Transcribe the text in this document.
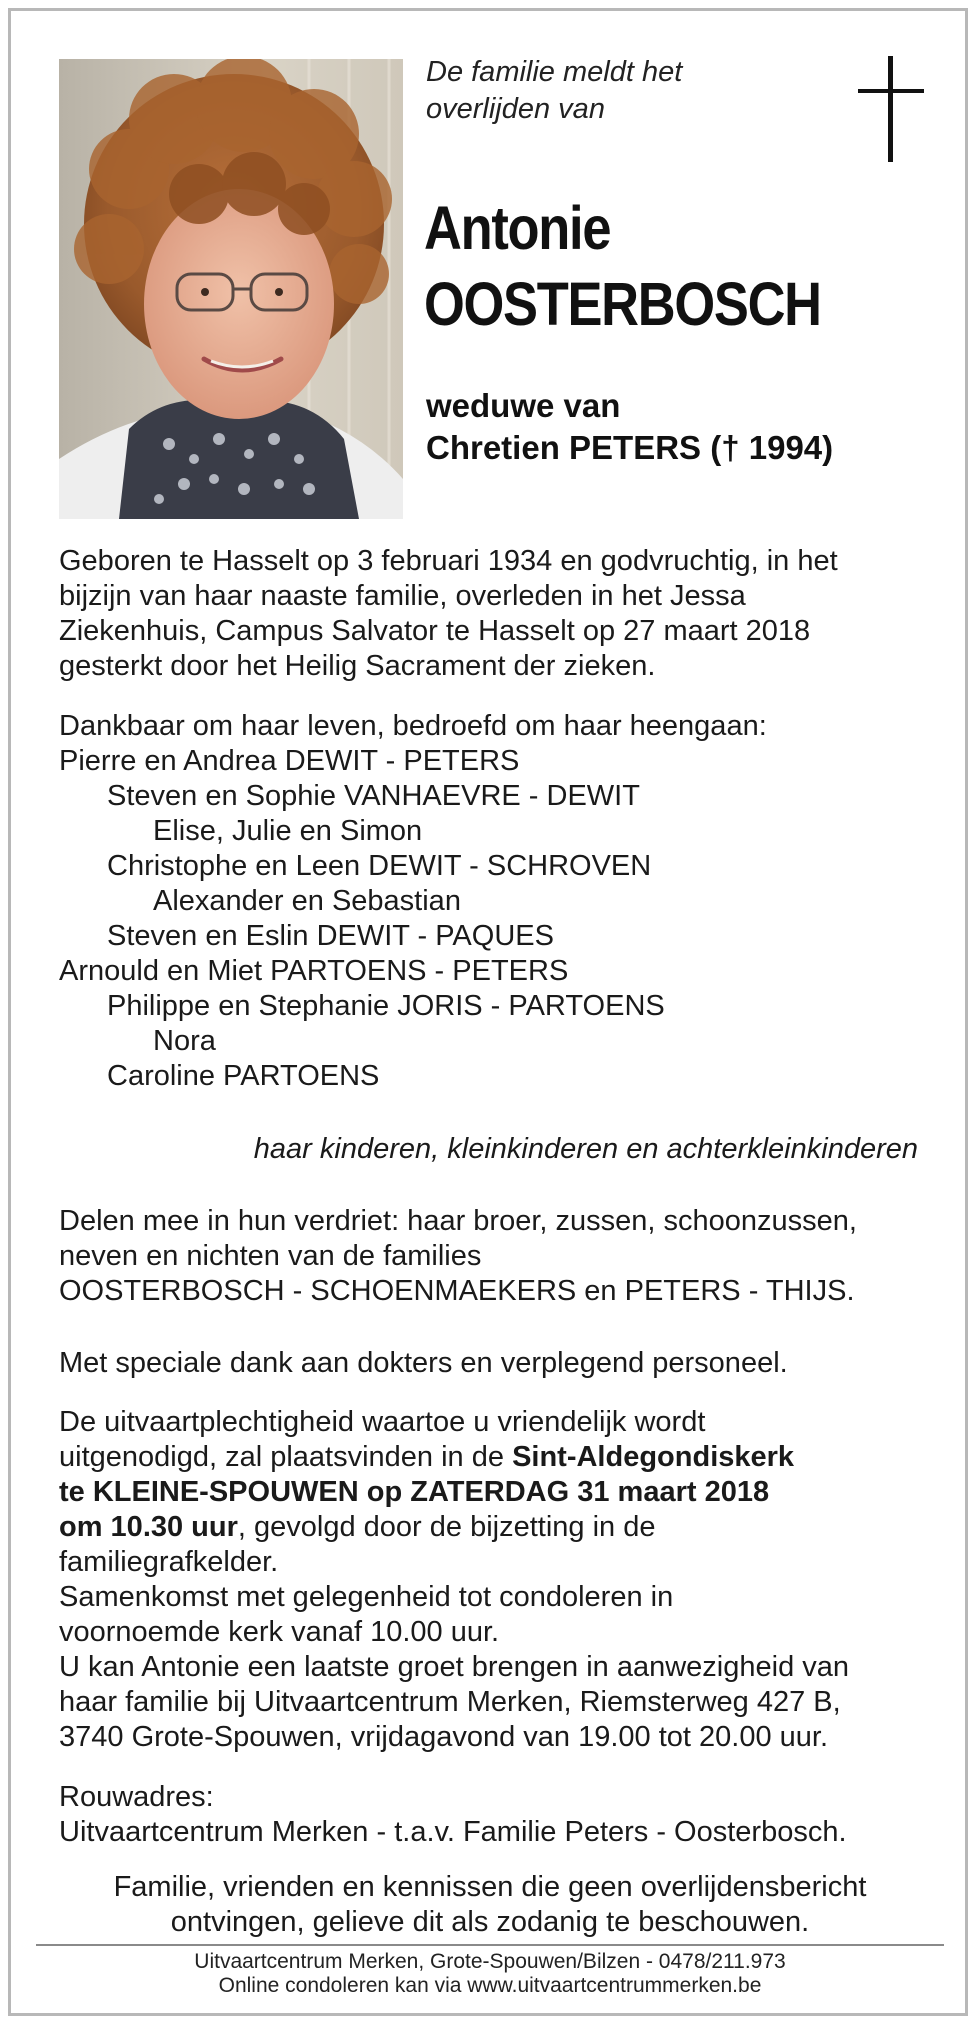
De familie meldt het
overlijden van
Antonie
OOSTERBOSCH
weduwe van
Chretien PETERS († 1994)

Geboren te Hasselt op 3 februari 1934 en godvruchtig, in het

bijzijn van haar naaste familie, overleden in het Jessa

Ziekenhuis, Campus Salvator te Hasselt op 27 maart 2018

gesterkt door het Heilig Sacrament der zieken.

Dankbaar om haar leven, bedroefd om haar heengaan:

Pierre en Andrea DEWIT - PETERS

Steven en Sophie VANHAEVRE - DEWIT

Elise, Julie en Simon

Christophe en Leen DEWIT - SCHROVEN

Alexander en Sebastian

Steven en Eslin DEWIT - PAQUES

Arnould en Miet PARTOENS - PETERS

Philippe en Stephanie JORIS - PARTOENS

Nora

Caroline PARTOENS

haar kinderen, kleinkinderen en achterkleinkinderen

Delen mee in hun verdriet: haar broer, zussen, schoonzussen,

neven en nichten van de families

OOSTERBOSCH - SCHOENMAEKERS en PETERS - THIJS.

Met speciale dank aan dokters en verplegend personeel.

De uitvaartplechtigheid waartoe u vriendelijk wordt

uitgenodigd, zal plaatsvinden in de Sint-Aldegondiskerk

te KLEINE-SPOUWEN op ZATERDAG 31 maart 2018

om 10.30 uur, gevolgd door de bijzetting in de

familiegrafkelder.

Samenkomst met gelegenheid tot condoleren in

voornoemde kerk vanaf 10.00 uur.

U kan Antonie een laatste groet brengen in aanwezigheid van

haar familie bij Uitvaartcentrum Merken, Riemsterweg 427 B,

3740 Grote-Spouwen, vrijdagavond van 19.00 tot 20.00 uur.

Rouwadres:

Uitvaartcentrum Merken - t.a.v. Familie Peters - Oosterbosch.

Familie, vrienden en kennissen die geen overlijdensbericht
ontvingen, gelieve dit als zodanig te beschouwen.
Uitvaartcentrum Merken, Grote-Spouwen/Bilzen - 0478/211.973
Online condoleren kan via www.uitvaartcentrummerken.be
